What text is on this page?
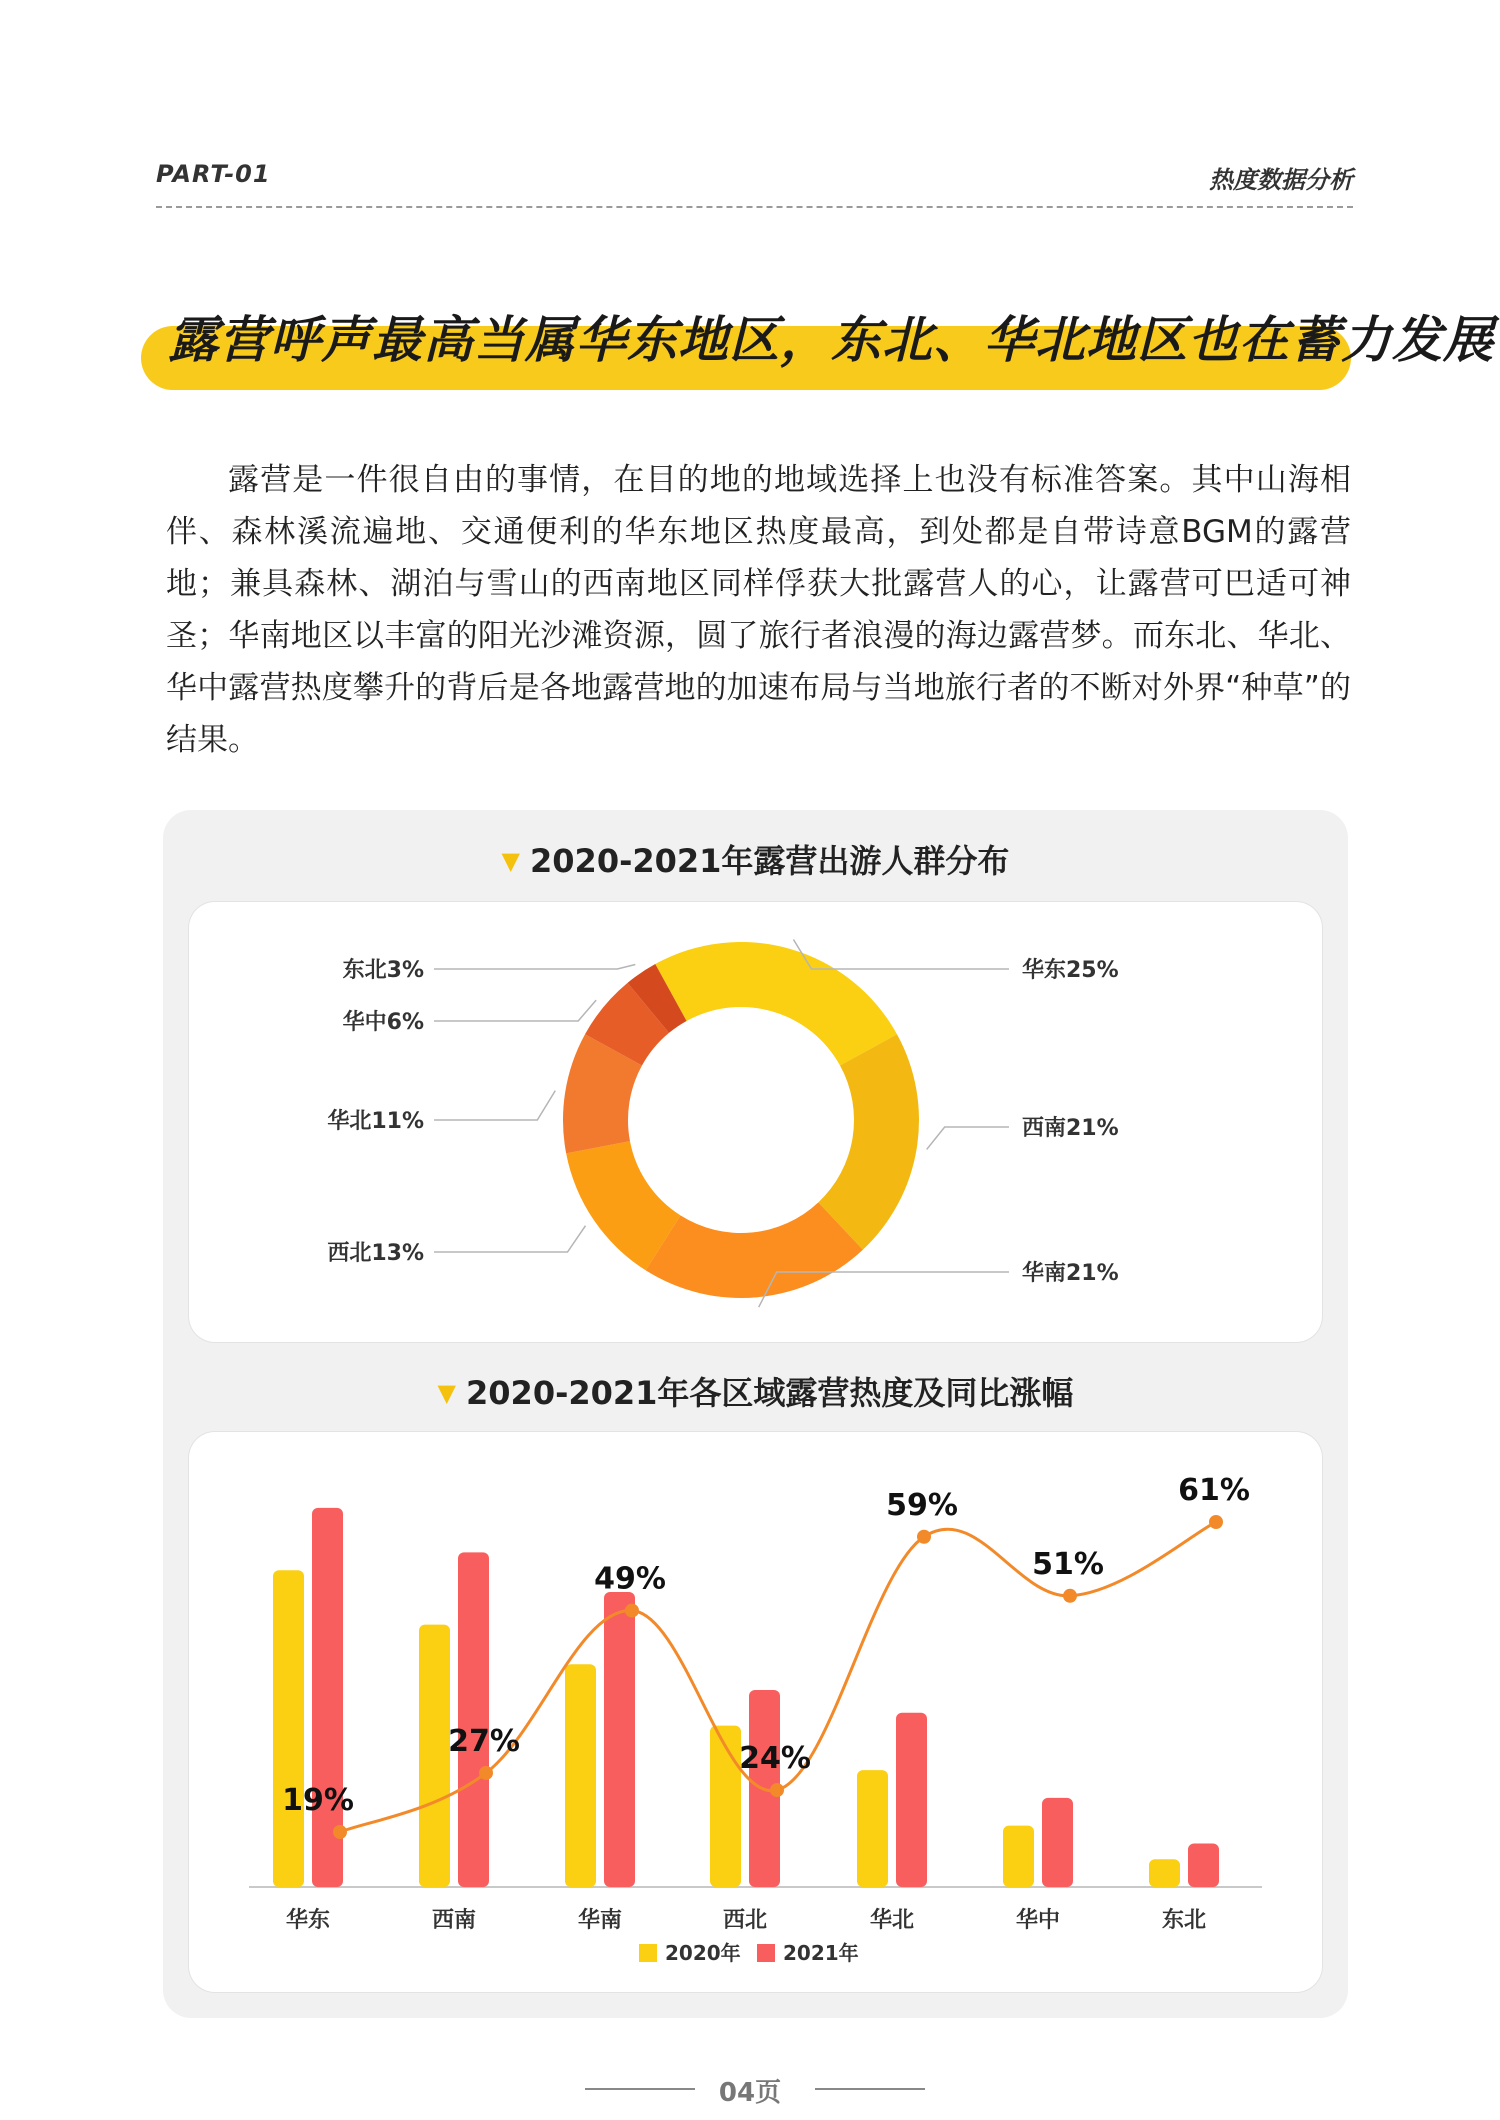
PART-01	热度数据分析
露营呼声最高当属华东地区，东北、华北地区也在蓄力发展

露营是一件很自由的事情，在目的地的地域选择上也没有标准答案。其中山海相伴、森林溪流遍地、交通便利的华东地区热度最高，到处都是自带诗意BGM的露营地；兼具森林、湖泊与雪山的西南地区同样俘获大批露营人的心，让露营可巴适可神圣；华南地区以丰富的阳光沙滩资源，圆了旅行者浪漫的海边露营梦。而东北、华北、华中露营热度攀升的背后是各地露营地的加速布局与当地旅行者的不断对外界“种草”的结果。

▼ 2020-2021年露营出游人群分布
华东25%
西南21%
华南21%
西北13%
华北11%
华中6%
东北3%
▼ 2020-2021年各区域露营热度及同比涨幅
华东	西南	华南	西北	华北	华中	东北
19%
27%
49%
24%
59%
51%
61%
2020年 2021年
04页
